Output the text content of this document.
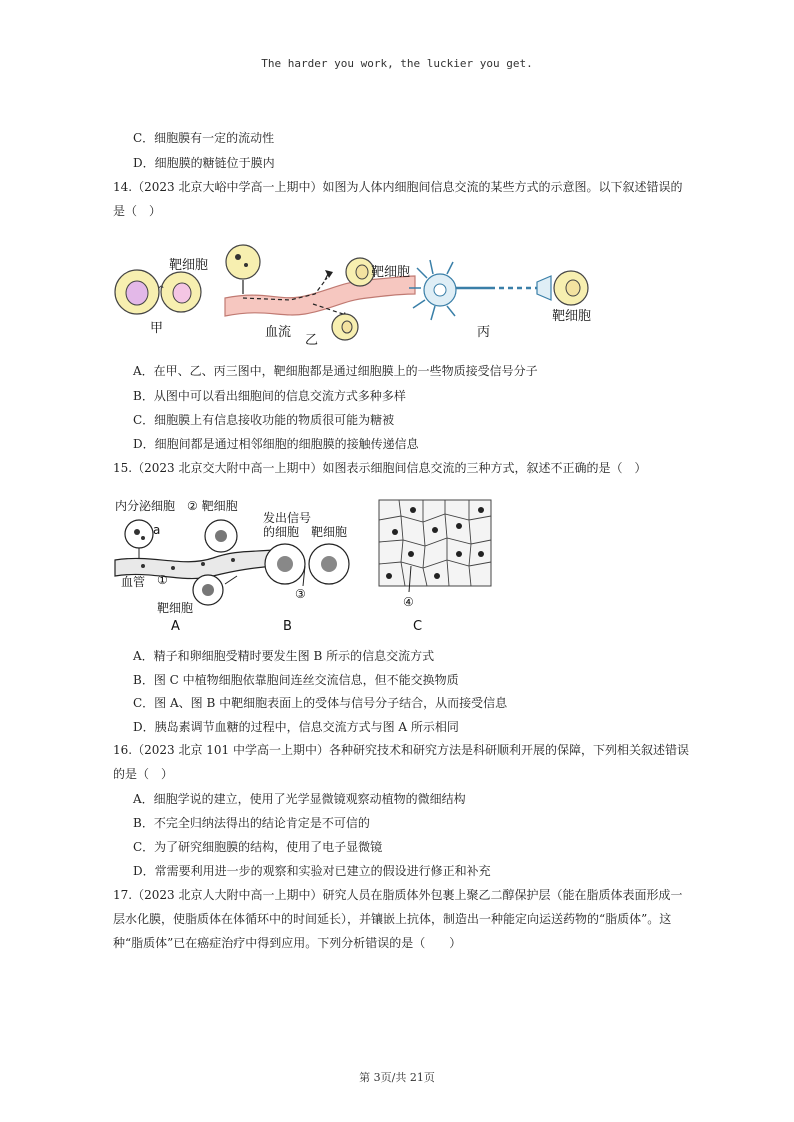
The harder you work, the luckier you get.
C．细胞膜有一定的流动性
D．细胞膜的糖链位于膜内
14.（2023 北京大峪中学高一上期中）如图为人体内细胞间信息交流的某些方式的示意图。以下叙述错误的是（　）
靶细胞
甲
靶细胞
血流
乙
靶细胞
丙
A．在甲、乙、丙三图中，靶细胞都是通过细胞膜上的一些物质接受信号分子
B．从图中可以看出细胞间的信息交流方式多种多样
C．细胞膜上有信息接收功能的物质很可能为糖被
D．细胞间都是通过相邻细胞的细胞膜的接触传递信息
15.（2023 北京交大附中高一上期中）如图表示细胞间信息交流的三种方式，叙述不正确的是（　）
内分泌细胞
a
② 靶细胞
血管 ①
靶细胞
A
发出信号
的细胞 靶细胞
③
B
④
C
A．精子和卵细胞受精时要发生图 B 所示的信息交流方式
B．图 C 中植物细胞依靠胞间连丝交流信息，但不能交换物质
C．图 A、图 B 中靶细胞表面上的受体与信号分子结合，从而接受信息
D．胰岛素调节血糖的过程中，信息交流方式与图 A 所示相同
16.（2023 北京 101 中学高一上期中）各种研究技术和研究方法是科研顺利开展的保障，下列相关叙述错误的是（　）
A．细胞学说的建立，使用了光学显微镜观察动植物的微细结构
B．不完全归纳法得出的结论肯定是不可信的
C．为了研究细胞膜的结构，使用了电子显微镜
D．常需要利用进一步的观察和实验对已建立的假设进行修正和补充
17.（2023 北京人大附中高一上期中）研究人员在脂质体外包裹上聚乙二醇保护层（能在脂质体表面形成一层水化膜，使脂质体在体循环中的时间延长），并镶嵌上抗体，制造出一种能定向运送药物的“脂质体”。这种“脂质体”已在癌症治疗中得到应用。下列分析错误的是（　　）
第 3页/共 21页
